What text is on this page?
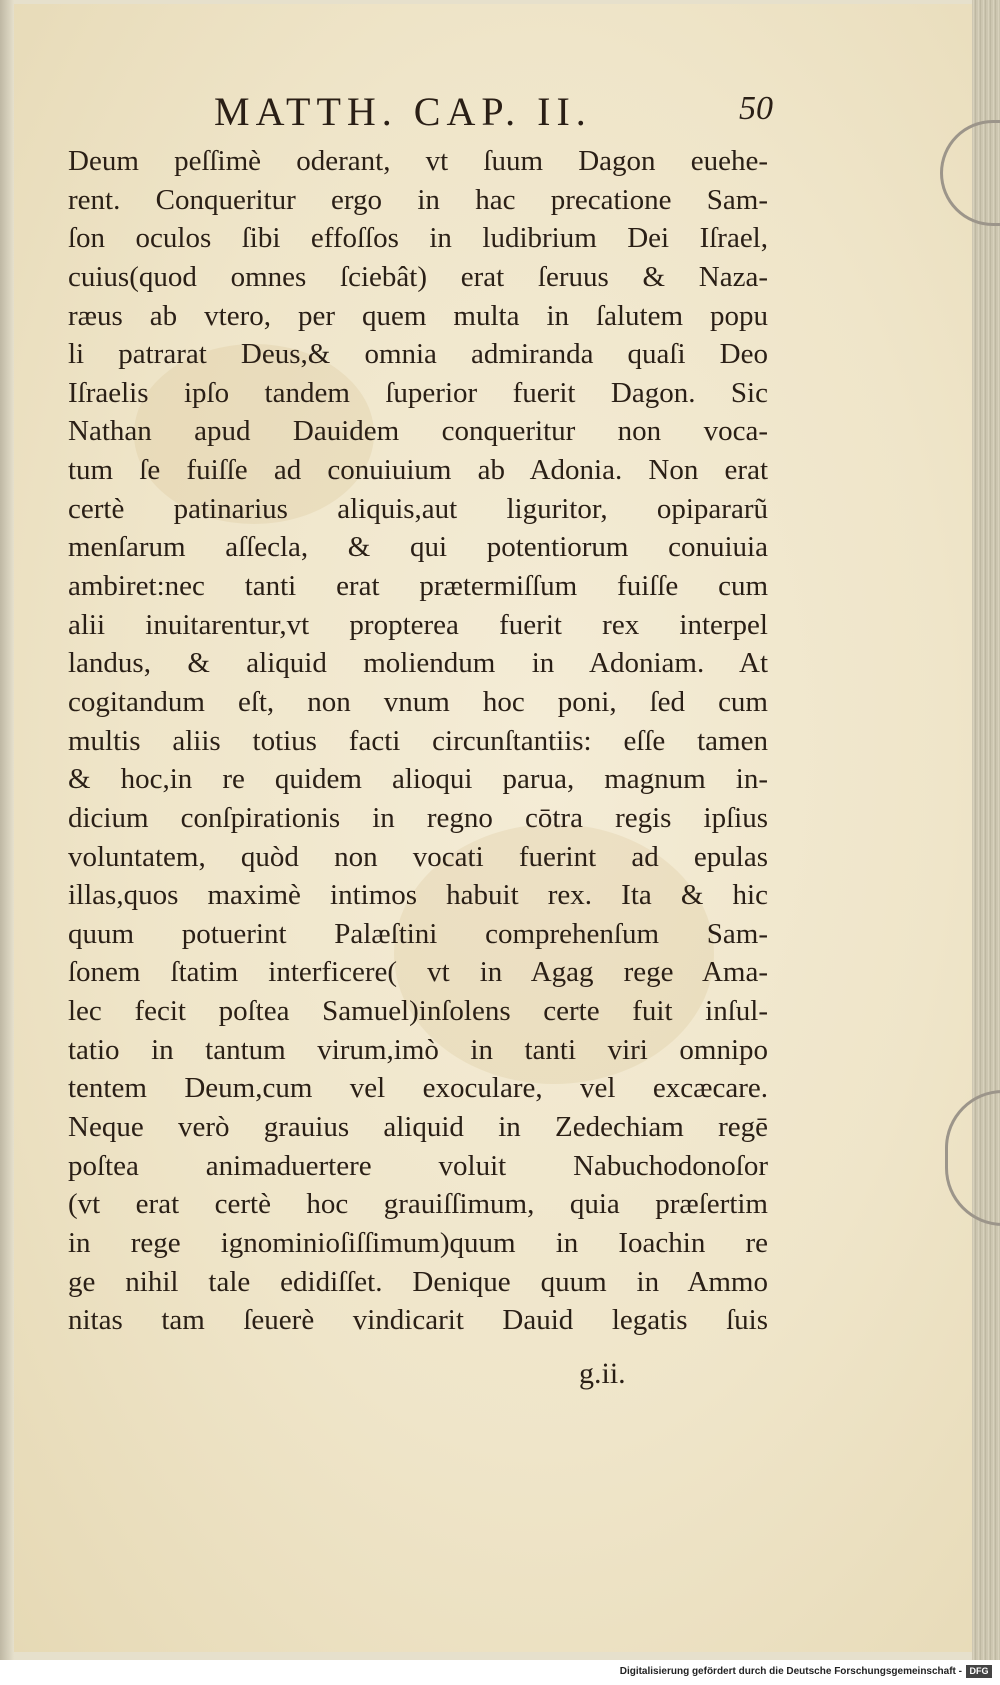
MATTH. CAP. II.	50
Deum peſſimè oderant, vt ſuum Dagon euehe-
rent. Conqueritur ergo in hac precatione Sam-
ſon oculos ſibi effoſſos in ludibrium Dei Iſrael,
cuius(quod omnes ſciebât) erat ſeruus & Naza-
ræus ab vtero, per quem multa in ſalutem popu
li patrarat Deus,& omnia admiranda quaſi Deo
Iſraelis ipſo tandem ſuperior fuerit Dagon. Sic
Nathan apud Dauidem conqueritur non voca-
tum ſe fuiſſe ad conuiuium ab Adonia. Non erat
certè patinarius aliquis,aut liguritor, opipararũ
menſarum aſſecla, & qui potentiorum conuiuia
ambiret:nec tanti erat prætermiſſum fuiſſe cum
alii inuitarentur,vt propterea fuerit rex interpel
landus, & aliquid moliendum in Adoniam. At
cogitandum eſt, non vnum hoc poni, ſed cum
multis aliis totius facti circunſtantiis: eſſe tamen
& hoc,in re quidem alioqui parua, magnum in-
dicium conſpirationis in regno cōtra regis ipſius
voluntatem, quòd non vocati fuerint ad epulas
illas,quos maximè intimos habuit rex. Ita & hic
quum potuerint Palæſtini comprehenſum Sam-
ſonem ſtatim interficere( vt in Agag rege Ama-
lec fecit poſtea Samuel)inſolens certe fuit inſul-
tatio in tantum virum,imò in tanti viri omnipo
tentem Deum,cum vel exoculare, vel excæcare.
Neque verò grauius aliquid in Zedechiam regē
poſtea animaduertere voluit Nabuchodonoſor
(vt erat certè hoc grauiſſimum, quia præſertim
in rege ignominioſiſſimum)quum in Ioachin re
ge nihil tale edidiſſet. Denique quum in Ammo
nitas tam ſeuerè vindicarit Dauid legatis ſuis
g.ii.
Digitalisierung gefördert durch die Deutsche Forschungsgemeinschaft - DFG
